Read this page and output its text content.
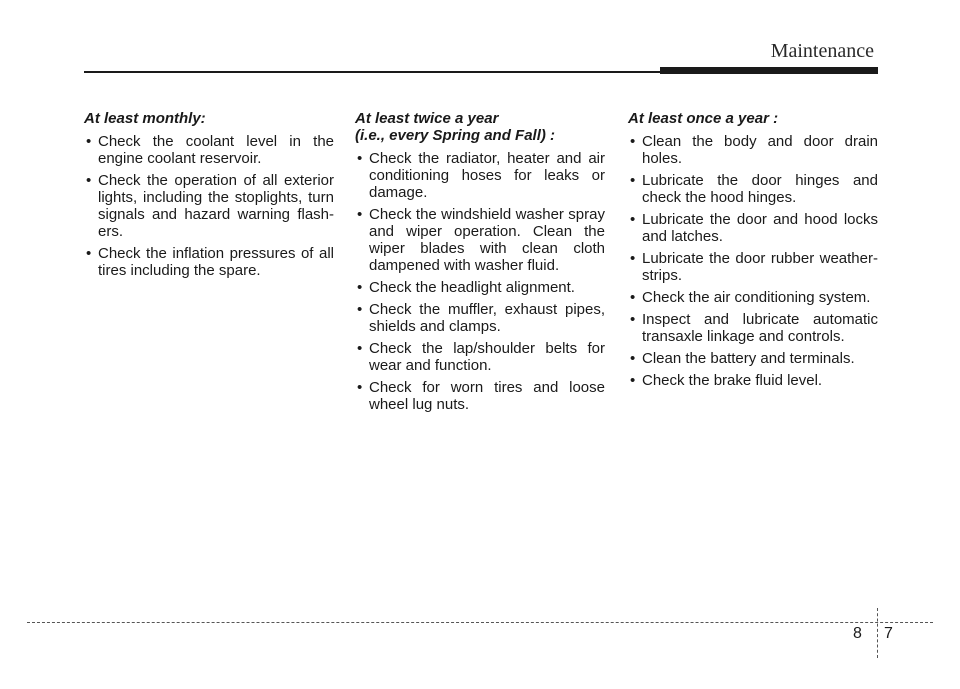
Maintenance
At least monthly:
• Check the coolant level in the engine coolant reservoir.
• Check the operation of all exterior lights, including the stoplights, turn signals and hazard warning flash-ers.
• Check the inflation pressures of all tires including the spare.
At least twice a year
(i.e., every Spring and Fall) :
• Check the radiator, heater and air conditioning hoses for leaks or damage.
• Check the windshield washer spray and wiper operation. Clean the wiper blades with clean cloth dampened with washer fluid.
• Check the headlight alignment.
• Check the muffler, exhaust pipes, shields and clamps.
• Check the lap/shoulder belts for wear and function.
• Check for worn tires and loose wheel lug nuts.
At least once a year :
• Clean the body and door drain holes.
• Lubricate the door hinges and check the hood hinges.
• Lubricate the door and hood locks and latches.
• Lubricate the door rubber weather-strips.
• Check the air conditioning system.
• Inspect and lubricate automatic transaxle linkage and controls.
• Clean the battery and terminals.
• Check the brake fluid level.
8 7
